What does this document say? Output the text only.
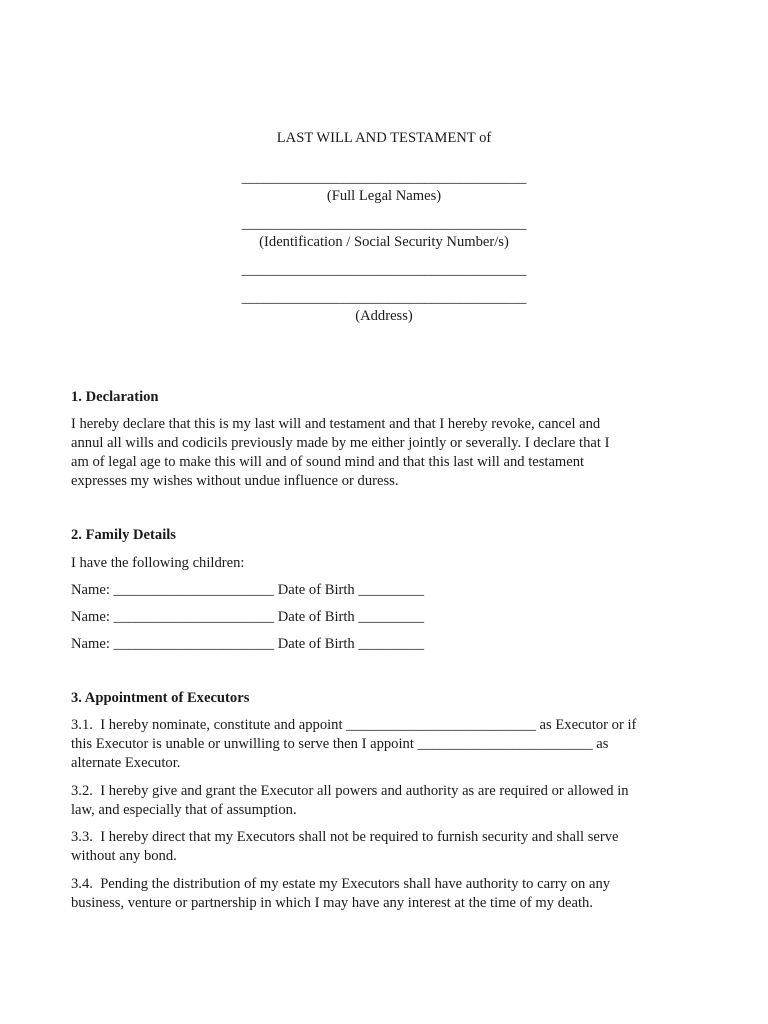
LAST WILL AND TESTAMENT of
_______________________________________
(Full Legal Names)
_______________________________________
(Identification / Social Security Number/s)
_______________________________________
_______________________________________
(Address)
1. Declaration
I hereby declare that this is my last will and testament and that I hereby revoke, cancel and
annul all wills and codicils previously made by me either jointly or severally. I declare that I
am of legal age to make this will and of sound mind and that this last will and testament
expresses my wishes without undue influence or duress.
2. Family Details
I have the following children:
Name: ______________________ Date of Birth _________
Name: ______________________ Date of Birth _________
Name: ______________________ Date of Birth _________
3. Appointment of Executors
3.1.  I hereby nominate, constitute and appoint __________________________ as Executor or if
this Executor is unable or unwilling to serve then I appoint ________________________ as
alternate Executor.
3.2.  I hereby give and grant the Executor all powers and authority as are required or allowed in
law, and especially that of assumption.
3.3.  I hereby direct that my Executors shall not be required to furnish security and shall serve
without any bond.
3.4.  Pending the distribution of my estate my Executors shall have authority to carry on any
business, venture or partnership in which I may have any interest at the time of my death.
